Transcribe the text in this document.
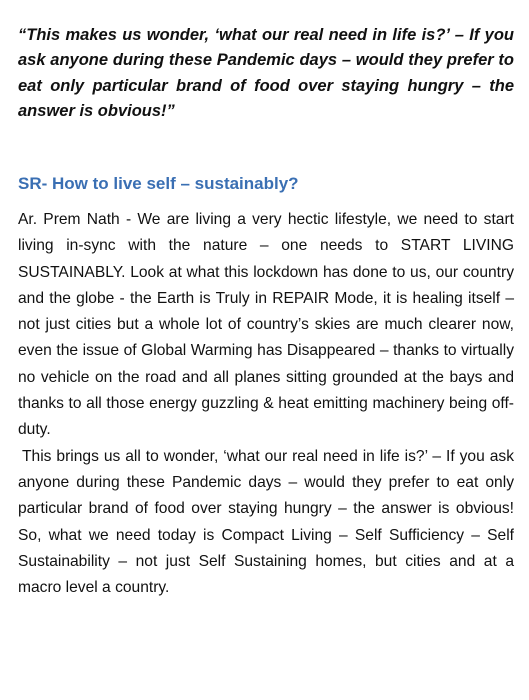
“This makes us wonder, ‘what our real need in life is?’ – If you ask anyone during these Pandemic days – would they prefer to eat only particular brand of food over staying hungry – the answer is obvious!”

SR- How to live self – sustainably?

Ar. Prem Nath - We are living a very hectic lifestyle, we need to start living in-sync with the nature – one needs to START LIVING SUSTAINABLY. Look at what this lockdown has done to us, our country and the globe - the Earth is Truly in REPAIR Mode, it is healing itself – not just cities but a whole lot of country’s skies are much clearer now, even the issue of Global Warming has Disappeared – thanks to virtually no vehicle on the road and all planes sitting grounded at the bays and thanks to all those energy guzzling & heat emitting machinery being off-duty.

This brings us all to wonder, ‘what our real need in life is?’ – If you ask anyone during these Pandemic days – would they prefer to eat only particular brand of food over staying hungry – the answer is obvious! So, what we need today is Compact Living – Self Sufficiency – Self Sustainability – not just Self Sustaining homes, but cities and at a macro level a country.
